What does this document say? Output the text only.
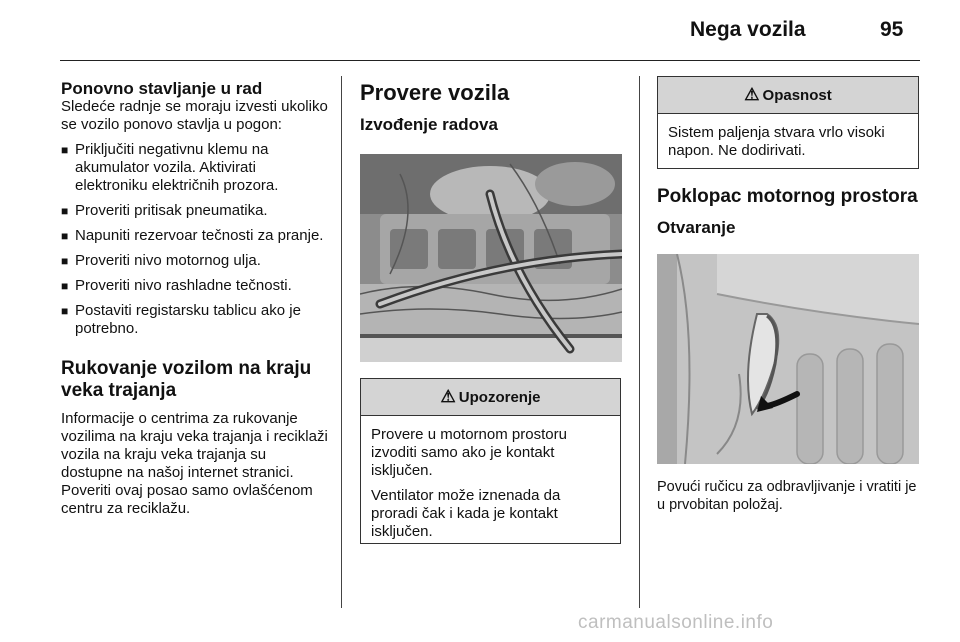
Nega vozila	95
Ponovno stavljanje u rad

Sledeće radnje se moraju izvesti ukoliko se vozilo ponovo stavlja u pogon:

■ Priključiti negativnu klemu na akumulator vozila. Aktivirati elektroniku električnih prozora.
■ Proveriti pritisak pneumatika.
■ Napuniti rezervoar tečnosti za pranje.
■ Proveriti nivo motornog ulja.
■ Proveriti nivo rashladne tečnosti.
■ Postaviti registarsku tablicu ako je potrebno.
Rukovanje vozilom na kraju veka trajanja

Informacije o centrima za rukovanje vozilima na kraju veka trajanja i reciklaži vozila na kraju veka trajanja su dostupne na našoj internet stranici. Poveriti ovaj posao samo ovlašćenom centru za reciklažu.

Provere vozila
Izvođenje radova
⚠ Upozorenje

Provere u motornom prostoru izvoditi samo ako je kontakt isključen.

Ventilator može iznenada da proradi čak i kada je kontakt isključen.

⚠ Opasnost

Sistem paljenja stvara vrlo visoki napon. Ne dodirivati.

Poklopac motornog prostora
Otvaranje

Povući ručicu za odbravljivanje i vratiti je u prvobitan položaj.

carmanualsonline.info
